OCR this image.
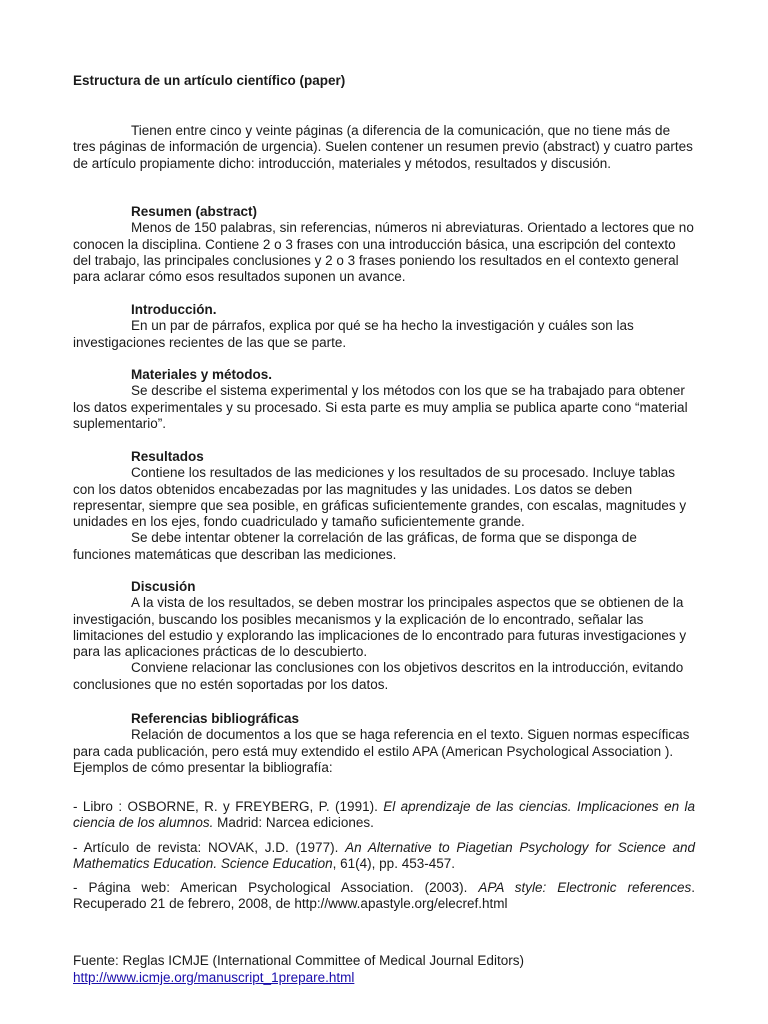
Estructura de un artículo científico (paper)

Tienen entre cinco y veinte páginas (a diferencia de la comunicación, que no tiene más de tres páginas de información de urgencia). Suelen contener un resumen previo (abstract) y cuatro partes de artículo propiamente dicho: introducción, materiales y métodos, resultados y discusión.

Resumen (abstract)

Menos de 150 palabras, sin referencias, números ni abreviaturas. Orientado a lectores que no conocen la disciplina. Contiene 2 o 3 frases con una introducción básica, una escripción del contexto del trabajo, las principales conclusiones y 2 o 3 frases poniendo los resultados en el contexto general para aclarar cómo esos resultados suponen un avance.

Introducción.

En un par de párrafos, explica por qué se ha hecho la investigación y cuáles son las investigaciones recientes de las que se parte.

Materiales y métodos.

Se describe el sistema experimental y los métodos con los que se ha trabajado para obtener los datos experimentales y su procesado. Si esta parte es muy amplia se publica aparte cono “material suplementario”.

Resultados

Contiene los resultados de las mediciones y los resultados de su procesado. Incluye tablas con los datos obtenidos encabezadas por las magnitudes y las unidades. Los datos se deben representar, siempre que sea posible, en gráficas suficientemente grandes, con escalas, magnitudes y unidades en los ejes, fondo cuadriculado y tamaño suficientemente grande.

Se debe intentar obtener la correlación de las gráficas, de forma que se disponga de funciones matemáticas que describan las mediciones.

Discusión

A la vista de los resultados, se deben mostrar los principales aspectos que se obtienen de la investigación, buscando los posibles mecanismos y la explicación de lo encontrado, señalar las limitaciones del estudio y explorando las implicaciones de lo encontrado para futuras investigaciones y para las aplicaciones prácticas de lo descubierto.

Conviene relacionar las conclusiones con los objetivos descritos en la introducción, evitando conclusiones que no estén soportadas por los datos.

Referencias bibliográficas

Relación de documentos a los que se haga referencia en el texto. Siguen normas específicas para cada publicación, pero está muy extendido el estilo APA (American Psychological Association ). Ejemplos de cómo presentar la bibliografía:

- Libro : OSBORNE, R. y FREYBERG, P. (1991). El aprendizaje de las ciencias. Implicaciones en la ciencia de los alumnos. Madrid: Narcea ediciones.

- Artículo de revista: NOVAK, J.D. (1977). An Alternative to Piagetian Psychology for Science and Mathematics Education. Science Education, 61(4), pp. 453-457.

- Página web: American Psychological Association. (2003). APA style: Electronic references. Recuperado 21 de febrero, 2008, de http://www.apastyle.org/elecref.html

Fuente: Reglas ICMJE (International Committee of Medical Journal Editors)
http://www.icmje.org/manuscript_1prepare.html
